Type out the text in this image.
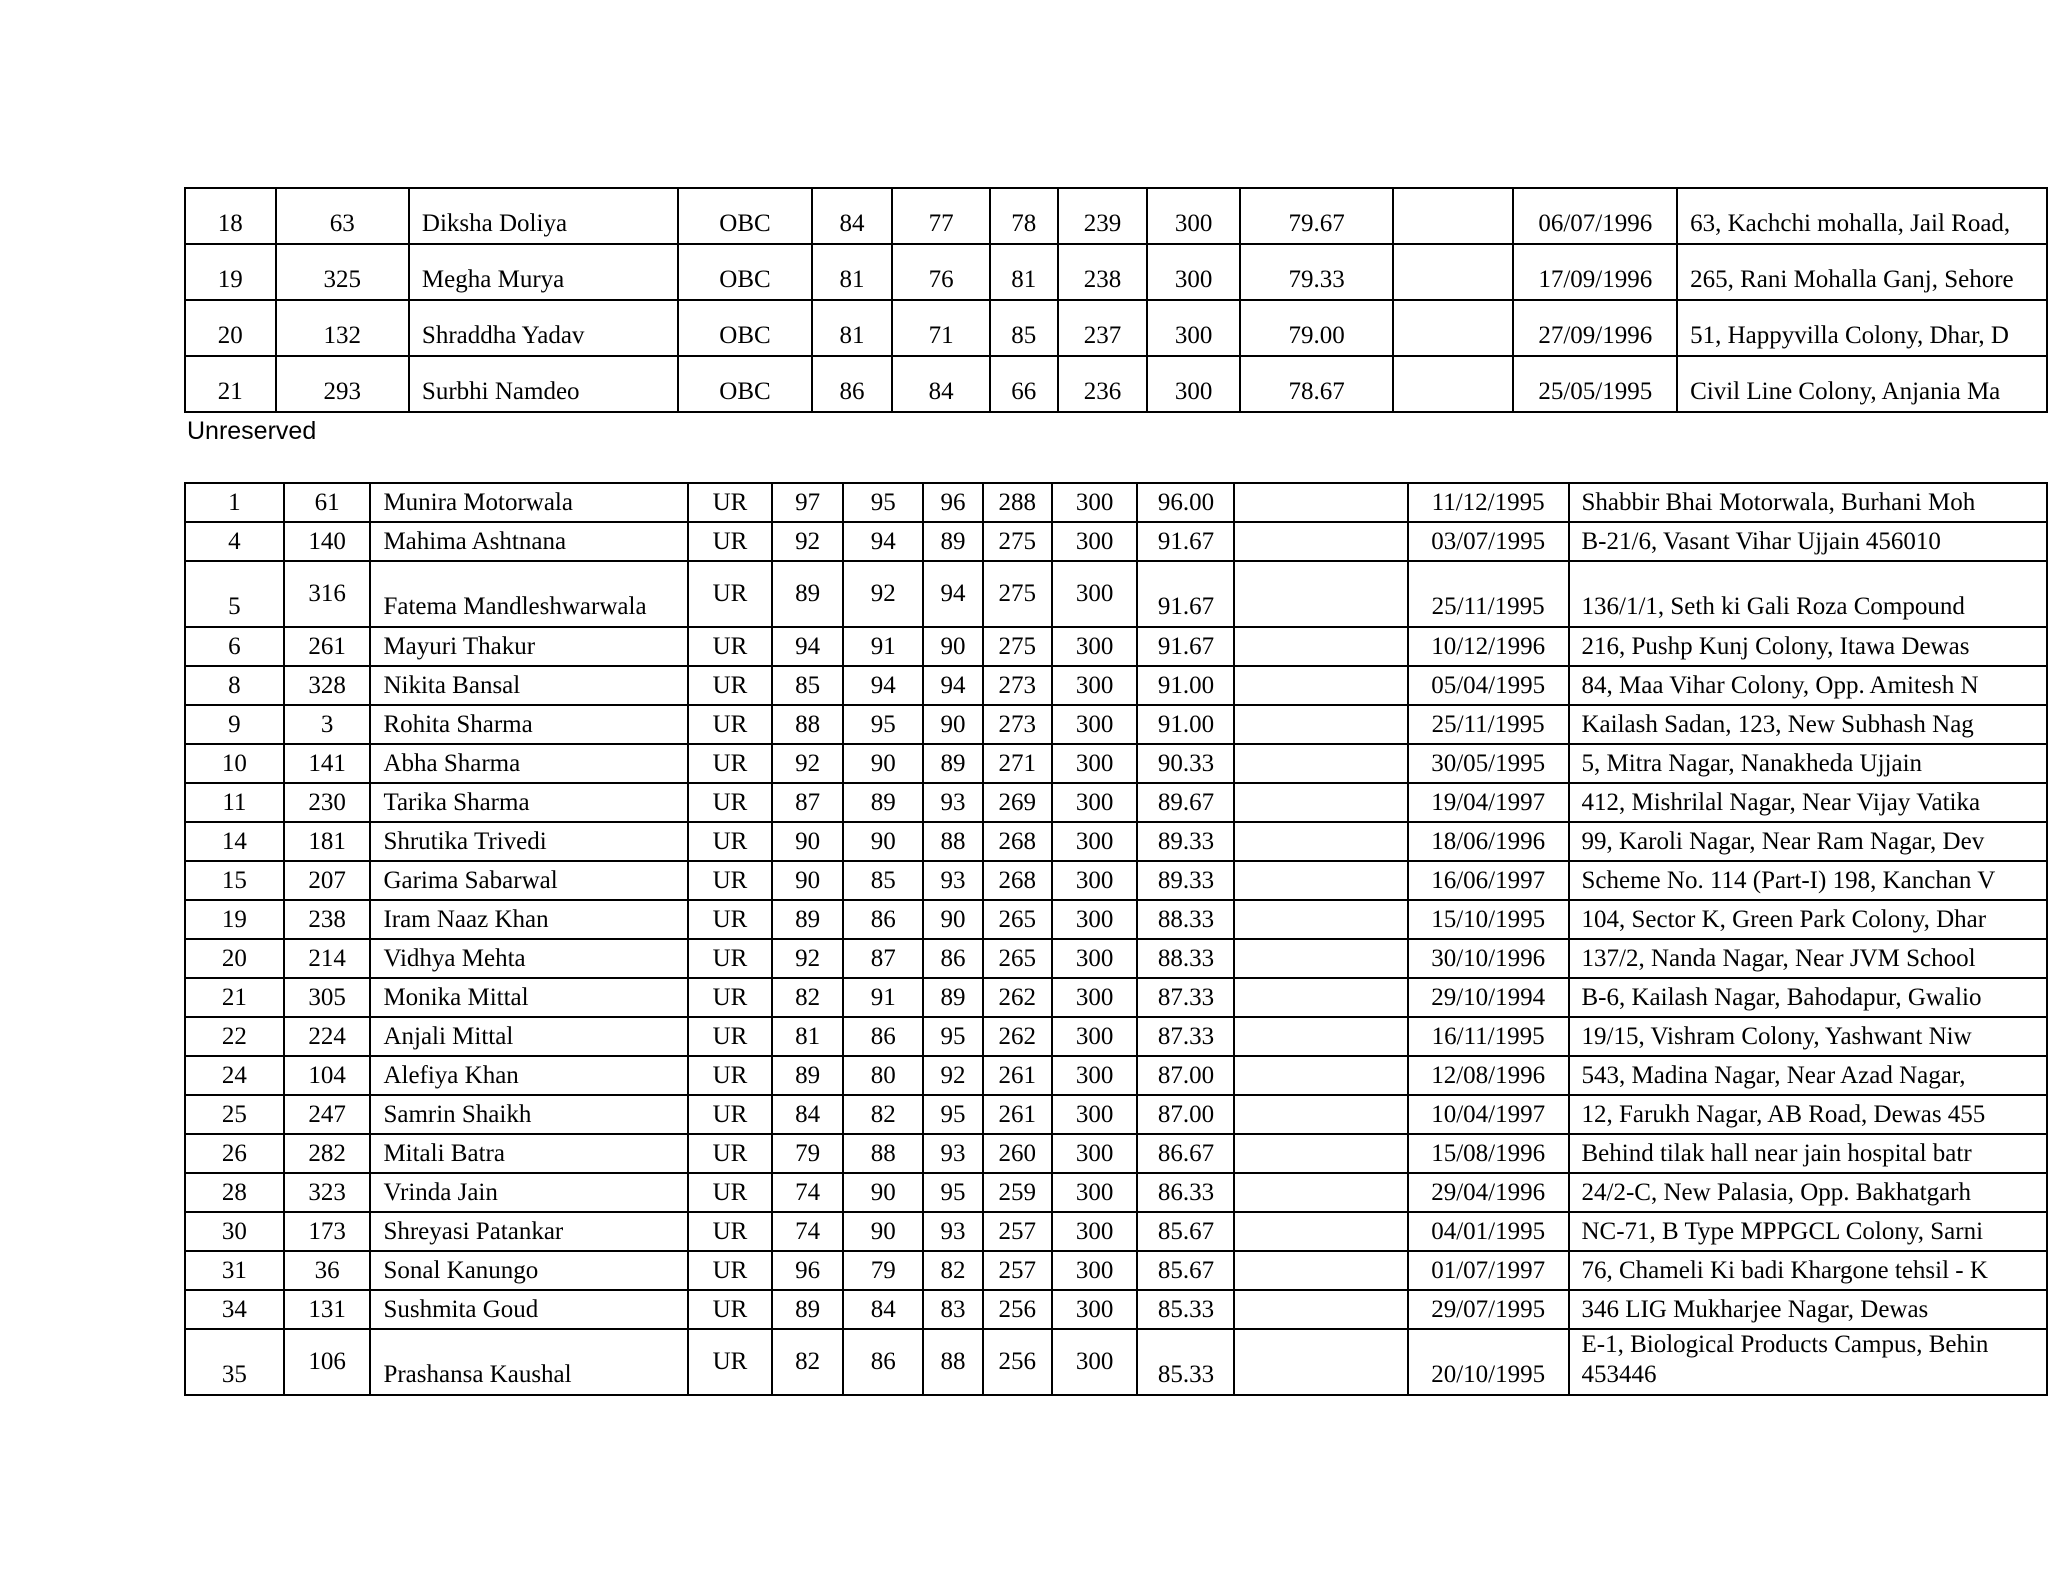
18	63	Diksha Doliya	OBC	84	77	78	239	300	79.67		06/07/1996	63, Kachchi mohalla, Jail Road,
19	325	Megha Murya	OBC	81	76	81	238	300	79.33		17/09/1996	265, Rani Mohalla Ganj, Sehore
20	132	Shraddha Yadav	OBC	81	71	85	237	300	79.00		27/09/1996	51, Happyvilla Colony, Dhar, D
21	293	Surbhi Namdeo	OBC	86	84	66	236	300	78.67		25/05/1995	Civil Line Colony, Anjania Ma
Unreserved
1	61	Munira Motorwala	UR	97	95	96	288	300	96.00		11/12/1995	Shabbir Bhai Motorwala, Burhani Moh
4	140	Mahima Ashtnana	UR	92	94	89	275	300	91.67		03/07/1995	B-21/6, Vasant Vihar Ujjain 456010
5	316	Fatema Mandleshwarwala	UR	89	92	94	275	300	91.67		25/11/1995	136/1/1, Seth ki Gali Roza Compound
6	261	Mayuri Thakur	UR	94	91	90	275	300	91.67		10/12/1996	216, Pushp Kunj Colony, Itawa Dewas
8	328	Nikita Bansal	UR	85	94	94	273	300	91.00		05/04/1995	84, Maa Vihar Colony, Opp. Amitesh N
9	3	Rohita Sharma	UR	88	95	90	273	300	91.00		25/11/1995	Kailash Sadan, 123, New Subhash Nag
10	141	Abha Sharma	UR	92	90	89	271	300	90.33		30/05/1995	5, Mitra Nagar, Nanakheda Ujjain
11	230	Tarika Sharma	UR	87	89	93	269	300	89.67		19/04/1997	412, Mishrilal Nagar, Near Vijay Vatika
14	181	Shrutika Trivedi	UR	90	90	88	268	300	89.33		18/06/1996	99, Karoli Nagar, Near Ram Nagar, Dev
15	207	Garima Sabarwal	UR	90	85	93	268	300	89.33		16/06/1997	Scheme No. 114 (Part-I) 198, Kanchan V
19	238	Iram Naaz Khan	UR	89	86	90	265	300	88.33		15/10/1995	104, Sector K, Green Park Colony, Dhar
20	214	Vidhya Mehta	UR	92	87	86	265	300	88.33		30/10/1996	137/2, Nanda Nagar, Near JVM School
21	305	Monika Mittal	UR	82	91	89	262	300	87.33		29/10/1994	B-6, Kailash Nagar, Bahodapur, Gwalio
22	224	Anjali Mittal	UR	81	86	95	262	300	87.33		16/11/1995	19/15, Vishram Colony, Yashwant Niw
24	104	Alefiya Khan	UR	89	80	92	261	300	87.00		12/08/1996	543, Madina Nagar, Near Azad Nagar,
25	247	Samrin Shaikh	UR	84	82	95	261	300	87.00		10/04/1997	12, Farukh Nagar, AB Road, Dewas 455
26	282	Mitali Batra	UR	79	88	93	260	300	86.67		15/08/1996	Behind tilak hall near jain hospital batr
28	323	Vrinda Jain	UR	74	90	95	259	300	86.33		29/04/1996	24/2-C, New Palasia, Opp. Bakhatgarh
30	173	Shreyasi Patankar	UR	74	90	93	257	300	85.67		04/01/1995	NC-71, B Type MPPGCL Colony, Sarni
31	36	Sonal Kanungo	UR	96	79	82	257	300	85.67		01/07/1997	76, Chameli Ki badi Khargone tehsil - K
34	131	Sushmita Goud	UR	89	84	83	256	300	85.33		29/07/1995	346 LIG Mukharjee Nagar, Dewas
35	106	Prashansa Kaushal	UR	82	86	88	256	300	85.33		20/10/1995	E-1, Biological Products Campus, Behin 453446
